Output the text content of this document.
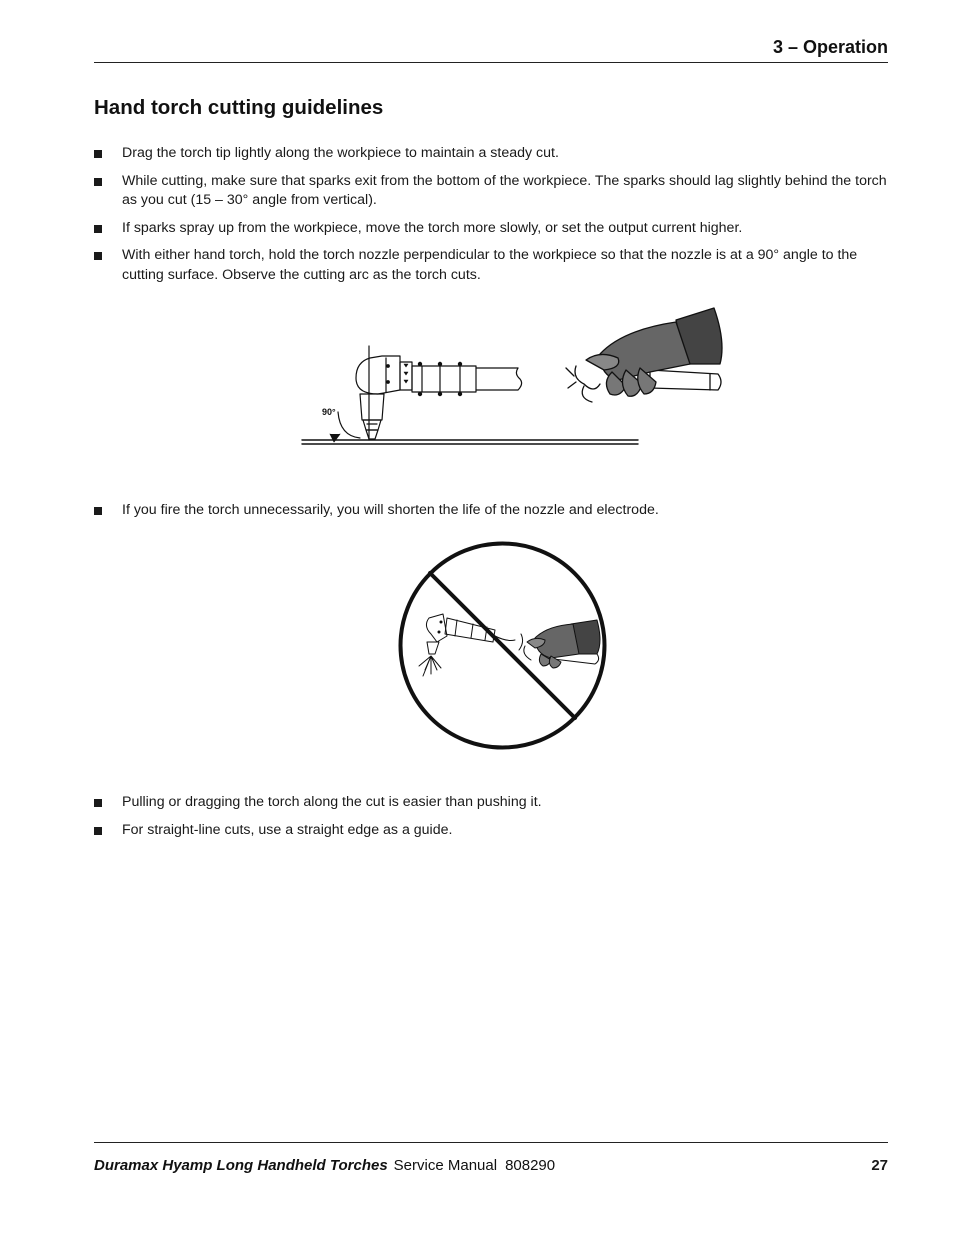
3 – Operation
Hand torch cutting guidelines
Drag the torch tip lightly along the workpiece to maintain a steady cut.
While cutting, make sure that sparks exit from the bottom of the workpiece. The sparks should lag slightly behind the torch as you cut (15 – 30° angle from vertical).
If sparks spray up from the workpiece, move the torch more slowly, or set the output current higher.
With either hand torch, hold the torch nozzle perpendicular to the workpiece so that the nozzle is at a 90° angle to the cutting surface. Observe the cutting arc as the torch cuts.
90°
If you fire the torch unnecessarily, you will shorten the life of the nozzle and electrode.
Pulling or dragging the torch along the cut is easier than pushing it.
For straight-line cuts, use a straight edge as a guide.
Duramax Hyamp Long Handheld Torches Service Manual 808290	27
